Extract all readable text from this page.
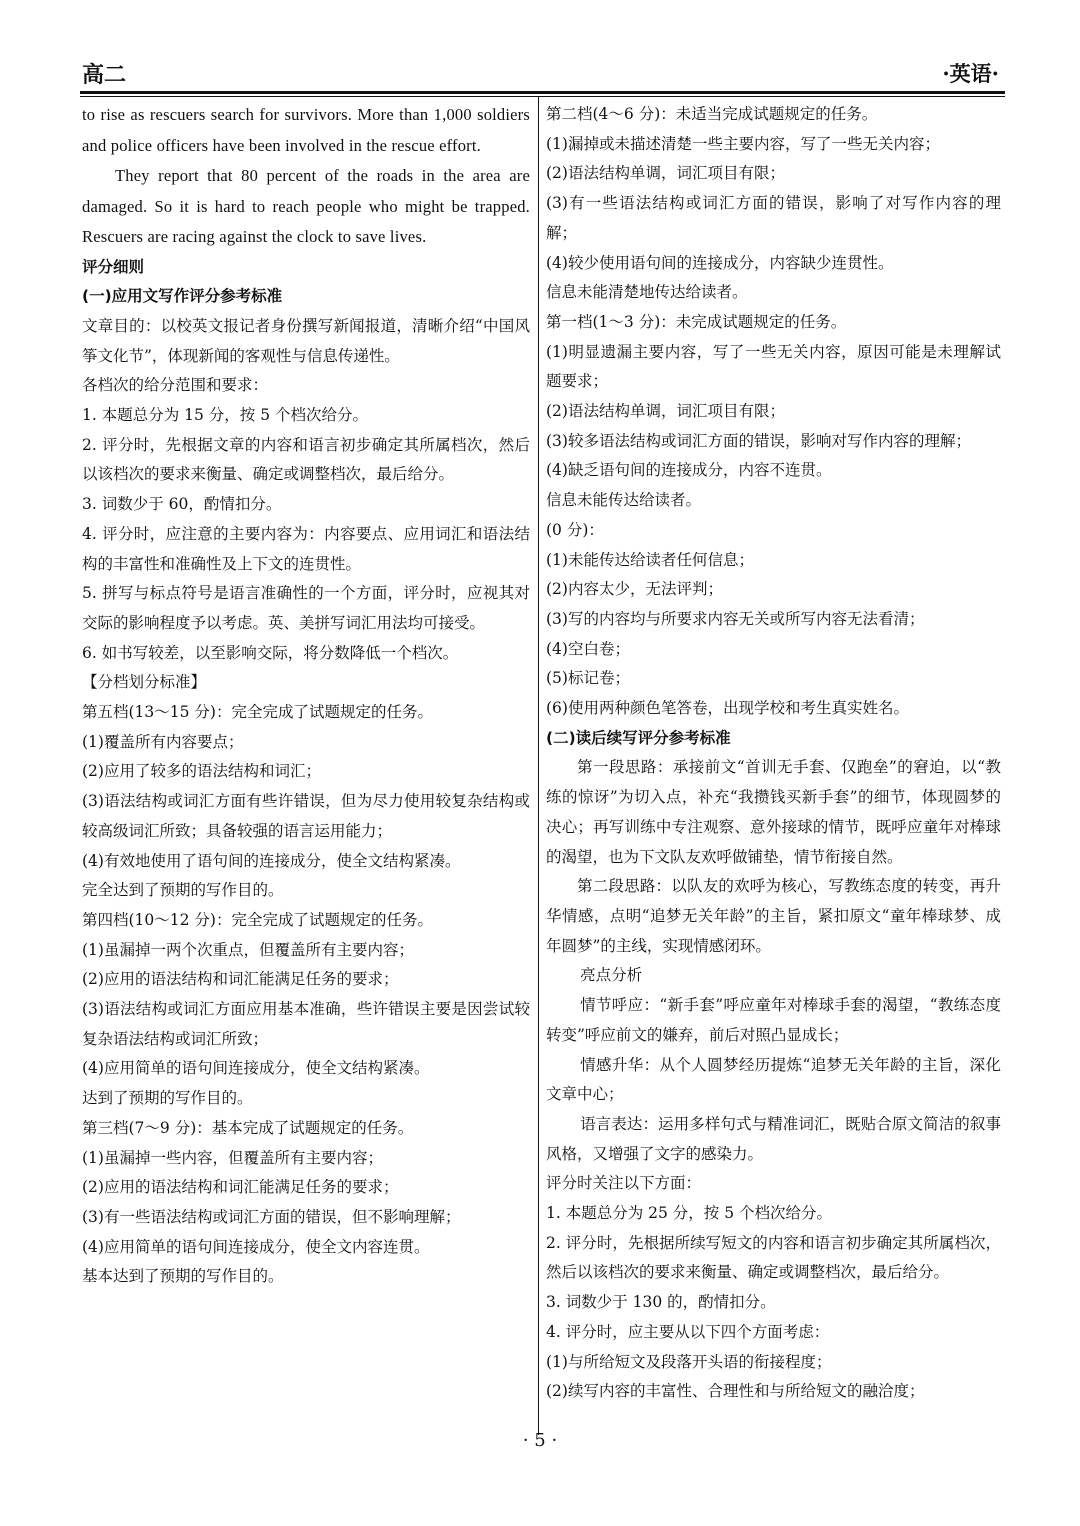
高二	·英语·

to rise as rescuers search for survivors. More than 1,000 soldiers and police officers have been involved in the rescue effort.

They report that 80 percent of the roads in the area are damaged. So it is hard to reach people who might be trapped. Rescuers are racing against the clock to save lives.

评分细则

(一)应用文写作评分参考标准

文章目的：以校英文报记者身份撰写新闻报道，清晰介绍“中国风筝文化节”，体现新闻的客观性与信息传递性。

各档次的给分范围和要求：

1. 本题总分为 15 分，按 5 个档次给分。

2. 评分时，先根据文章的内容和语言初步确定其所属档次，然后以该档次的要求来衡量、确定或调整档次，最后给分。

3. 词数少于 60，酌情扣分。

4. 评分时，应注意的主要内容为：内容要点、应用词汇和语法结构的丰富性和准确性及上下文的连贯性。

5. 拼写与标点符号是语言准确性的一个方面，评分时，应视其对交际的影响程度予以考虑。英、美拼写词汇用法均可接受。

6. 如书写较差，以至影响交际，将分数降低一个档次。

【分档划分标准】

第五档(13～15 分)：完全完成了试题规定的任务。

(1)覆盖所有内容要点；

(2)应用了较多的语法结构和词汇；

(3)语法结构或词汇方面有些许错误，但为尽力使用较复杂结构或较高级词汇所致；具备较强的语言运用能力；

(4)有效地使用了语句间的连接成分，使全文结构紧凑。

完全达到了预期的写作目的。

第四档(10～12 分)：完全完成了试题规定的任务。

(1)虽漏掉一两个次重点，但覆盖所有主要内容；

(2)应用的语法结构和词汇能满足任务的要求；

(3)语法结构或词汇方面应用基本准确，些许错误主要是因尝试较复杂语法结构或词汇所致；

(4)应用简单的语句间连接成分，使全文结构紧凑。

达到了预期的写作目的。

第三档(7～9 分)：基本完成了试题规定的任务。

(1)虽漏掉一些内容，但覆盖所有主要内容；

(2)应用的语法结构和词汇能满足任务的要求；

(3)有一些语法结构或词汇方面的错误，但不影响理解；

(4)应用简单的语句间连接成分，使全文内容连贯。

基本达到了预期的写作目的。

第二档(4～6 分)：未适当完成试题规定的任务。

(1)漏掉或未描述清楚一些主要内容，写了一些无关内容；

(2)语法结构单调，词汇项目有限；

(3)有一些语法结构或词汇方面的错误，影响了对写作内容的理解；

(4)较少使用语句间的连接成分，内容缺少连贯性。

信息未能清楚地传达给读者。

第一档(1～3 分)：未完成试题规定的任务。

(1)明显遗漏主要内容，写了一些无关内容，原因可能是未理解试题要求；

(2)语法结构单调，词汇项目有限；

(3)较多语法结构或词汇方面的错误，影响对写作内容的理解；

(4)缺乏语句间的连接成分，内容不连贯。

信息未能传达给读者。

(0 分)：

(1)未能传达给读者任何信息；

(2)内容太少，无法评判；

(3)写的内容均与所要求内容无关或所写内容无法看清；

(4)空白卷；

(5)标记卷；

(6)使用两种颜色笔答卷，出现学校和考生真实姓名。

(二)读后续写评分参考标准

第一段思路：承接前文“首训无手套、仅跑垒”的窘迫，以“教练的惊讶”为切入点，补充“我攒钱买新手套”的细节，体现圆梦的决心；再写训练中专注观察、意外接球的情节，既呼应童年对棒球的渴望，也为下文队友欢呼做铺垫，情节衔接自然。

第二段思路：以队友的欢呼为核心，写教练态度的转变，再升华情感，点明“追梦无关年龄”的主旨，紧扣原文“童年棒球梦、成年圆梦”的主线，实现情感闭环。

亮点分析

情节呼应：“新手套”呼应童年对棒球手套的渴望，“教练态度转变”呼应前文的嫌弃，前后对照凸显成长；

情感升华：从个人圆梦经历提炼“追梦无关年龄的主旨，深化文章中心；

语言表达：运用多样句式与精准词汇，既贴合原文简洁的叙事风格，又增强了文字的感染力。

评分时关注以下方面：

1. 本题总分为 25 分，按 5 个档次给分。

2. 评分时，先根据所续写短文的内容和语言初步确定其所属档次，然后以该档次的要求来衡量、确定或调整档次，最后给分。

3. 词数少于 130 的，酌情扣分。

4. 评分时，应主要从以下四个方面考虑：

(1)与所给短文及段落开头语的衔接程度；

(2)续写内容的丰富性、合理性和与所给短文的融洽度；

· 5 ·
